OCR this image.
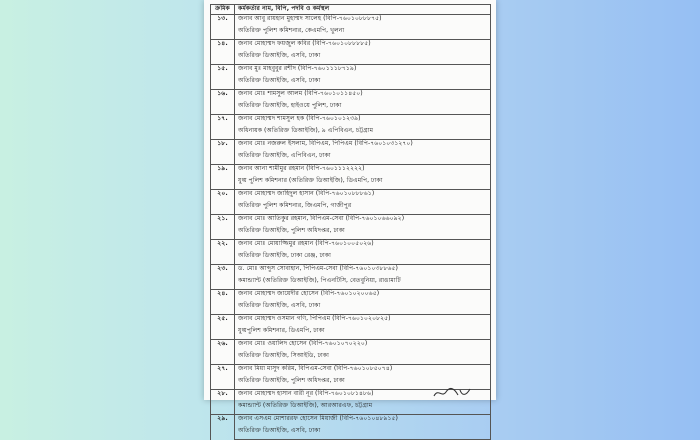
ক্রমিক	কর্মকর্তার নাম, বিপি, পদবি ও কর্মস্থল
১৩.	জনাব আবু রায়হান মুহাম্মদ সালেহ (বিপি-৭৬০১০৮৮৮৭৫)
	অতিরিক্ত পুলিশ কমিশনার, কেএমপি, খুলনা
১৪.	জনাব মোহাম্মদ ফয়জুল কবির (বিপি-৭৬০১০৮৮৮৮৫)
	অতিরিক্ত ডিআইজি, এসবি, ঢাকা
১৫.	জনাব মুঃ মাহবুবুর রশীদ (বিপি-৭৬০১১১৮৭১৯)
	অতিরিক্ত ডিআইজি, এসবি, ঢাকা
১৬.	জনাব মোঃ শামসুল আলম (বিপি-৭৬০১০১১৪৫০)
	অতিরিক্ত ডিআইজি, হাইওয়ে পুলিশ, ঢাকা
১৭.	জনাব মোহাম্মদ শামসুল হক (বিপি-৭৬০১০১২৩৯)
	অধিনায়ক (অতিরিক্ত ডিআইজি), ৯ এপিবিএন, চট্টগ্রাম
১৮.	জনাব মোঃ নজরুল ইসলাম, বিপিএম, পিপিএম (বিপি-৭৬০১০৩১২৭০)
	অতিরিক্ত ডিআইজি, এপিবিএন, ঢাকা
১৯.	জনাব আনা শামীমুর রহমান (বিপি-৭৬০১১১২২২২)
	যুগ্ম পুলিশ কমিশনার (অতিরিক্ত ডিআইজি), ডিএমপি, ঢাকা
২০.	জনাব মোহাম্মদ জাহিদুল হাসান (বিপি-৭৬০১০৮৮৮৬১)
	অতিরিক্ত পুলিশ কমিশনার, জিএমপি, গাজীপুর
২১.	জনাব মোঃ আতিকুর রহমান, বিপিএম-সেবা (বিপি-৭৬০১০৬৬০৯২)
	অতিরিক্ত ডিআইজি, পুলিশ অধিদপ্তর, ঢাকা
২২.	জনাব মোঃ মোয়াজ্জিমুর রহমান (বিপি-৭৬০১০০৫০২৬)
	অতিরিক্ত ডিআইজি, ঢাকা রেঞ্জ, ঢাকা
২৩.	ড. মোঃ আব্দুস সোবাহান, পিপিএম-সেবা (বিপি-৭৬০১০৩৮৮৬৫)
	কমান্ড্যান্ট (অতিরিক্ত ডিআইজি), পিএনটিসি, বেতবুনিয়া, রাঙামাটি
২৪.	জনাব মোহাম্মদ জায়েদীর হোসেন (বিপি-৭৬০১০২০০৬৫)
	অতিরিক্ত ডিআইজি, এসবি, ঢাকা
২৫.	জনাব মোহাম্মদ ওসমান গণি, পিপিএম (বিপি-৭৬০১০২০৮২৫)
	যুগ্মপুলিশ কমিশনার, ডিএমপি, ঢাকা
২৬.	জনাব মোঃ ওয়ালিদ হোসেন (বিপি-৭৬০১০৭০২২০)
	অতিরিক্ত ডিআইজি, সিআইডি, ঢাকা
২৭.	জনাব মিয়া মাসুদ করিম, বিপিএম-সেবা (বিপি-৭৬০১০৮৫০৭৪)
	অতিরিক্ত ডিআইজি, পুলিশ অধিদপ্তর, ঢাকা
২৮.	জনাব মোহাম্মদ হাসান বারী নূর (বিপি-৭৬০১০৮১৪৮৬)
	কমান্ড্যান্ট (অতিরিক্ত ডিআইজি), আরআরএফ, চট্টগ্রাম
২৯.	জনাব এসএম মোশাররফ হোসেন মিয়াজী (বিপি-৭৬০১০৪৮৯১৫)
	অতিরিক্ত ডিআইজি, এসবি, ঢাকা
